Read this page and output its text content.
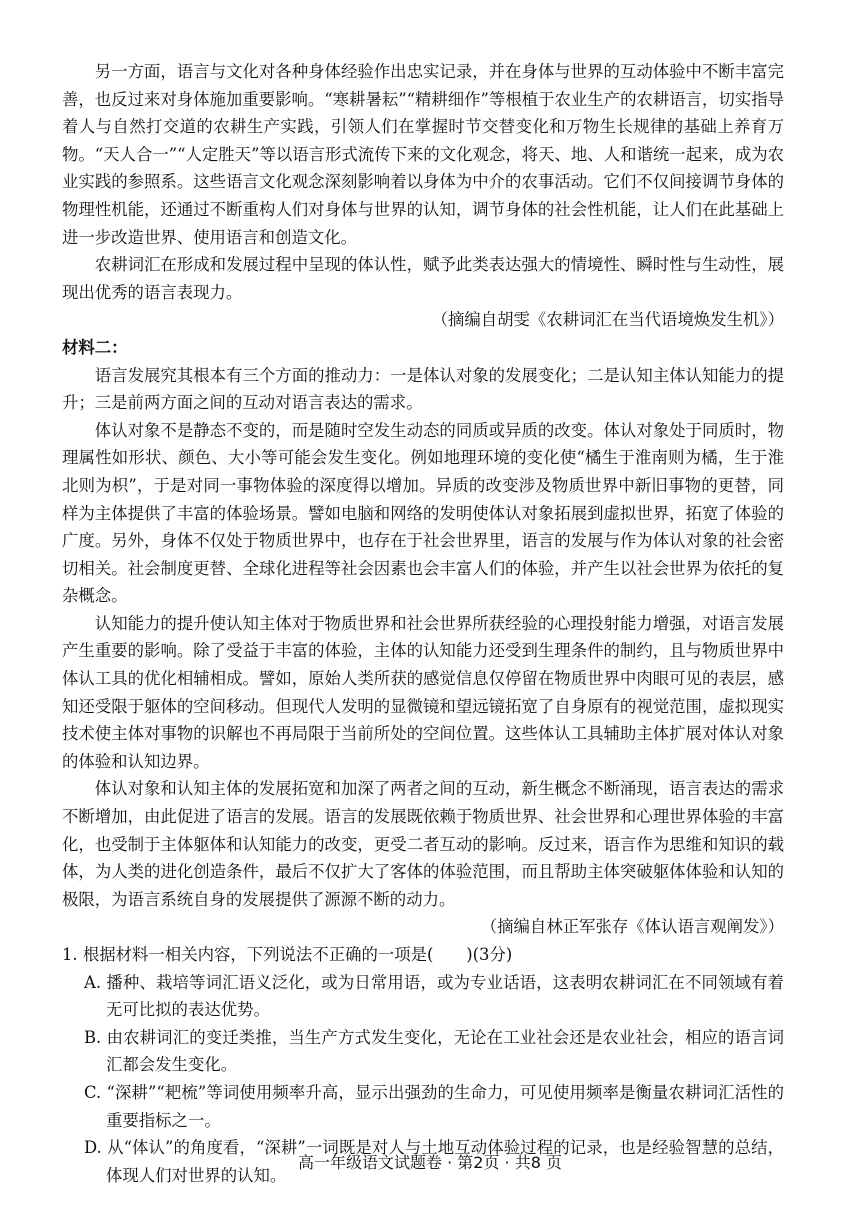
另一方面，语言与文化对各种身体经验作出忠实记录，并在身体与世界的互动体验中不断丰富完善，也反过来对身体施加重要影响。“寒耕暑耘”“精耕细作”等根植于农业生产的农耕语言，切实指导着人与自然打交道的农耕生产实践，引领人们在掌握时节交替变化和万物生长规律的基础上养育万物。“天人合一”“人定胜天”等以语言形式流传下来的文化观念，将天、地、人和谐统一起来，成为农业实践的参照系。这些语言文化观念深刻影响着以身体为中介的农事活动。它们不仅间接调节身体的物理性机能，还通过不断重构人们对身体与世界的认知，调节身体的社会性机能，让人们在此基础上进一步改造世界、使用语言和创造文化。

农耕词汇在形成和发展过程中呈现的体认性，赋予此类表达强大的情境性、瞬时性与生动性，展现出优秀的语言表现力。

（摘编自胡雯《农耕词汇在当代语境焕发生机》）

材料二：

语言发展究其根本有三个方面的推动力：一是体认对象的发展变化；二是认知主体认知能力的提升；三是前两方面之间的互动对语言表达的需求。

体认对象不是静态不变的，而是随时空发生动态的同质或异质的改变。体认对象处于同质时，物理属性如形状、颜色、大小等可能会发生变化。例如地理环境的变化使“橘生于淮南则为橘，生于淮北则为枳”，于是对同一事物体验的深度得以增加。异质的改变涉及物质世界中新旧事物的更替，同样为主体提供了丰富的体验场景。譬如电脑和网络的发明使体认对象拓展到虚拟世界，拓宽了体验的广度。另外，身体不仅处于物质世界中，也存在于社会世界里，语言的发展与作为体认对象的社会密切相关。社会制度更替、全球化进程等社会因素也会丰富人们的体验，并产生以社会世界为依托的复杂概念。

认知能力的提升使认知主体对于物质世界和社会世界所获经验的心理投射能力增强，对语言发展产生重要的影响。除了受益于丰富的体验，主体的认知能力还受到生理条件的制约，且与物质世界中体认工具的优化相辅相成。譬如，原始人类所获的感觉信息仅停留在物质世界中肉眼可见的表层，感知还受限于躯体的空间移动。但现代人发明的显微镜和望远镜拓宽了自身原有的视觉范围，虚拟现实技术使主体对事物的识解也不再局限于当前所处的空间位置。这些体认工具辅助主体扩展对体认对象的体验和认知边界。

体认对象和认知主体的发展拓宽和加深了两者之间的互动，新生概念不断涌现，语言表达的需求不断增加，由此促进了语言的发展。语言的发展既依赖于物质世界、社会世界和心理世界体验的丰富化，也受制于主体躯体和认知能力的改变，更受二者互动的影响。反过来，语言作为思维和知识的载体，为人类的进化创造条件，最后不仅扩大了客体的体验范围，而且帮助主体突破躯体体验和认知的极限，为语言系统自身的发展提供了源源不断的动力。

（摘编自林正军张存《体认语言观阐发》）

1. 根据材料一相关内容，下列说法不正确的一项是(　　)(3分)

A. 播种、栽培等词汇语义泛化，或为日常用语，或为专业话语，这表明农耕词汇在不同领域有着无可比拟的表达优势。

B. 由农耕词汇的变迁类推，当生产方式发生变化，无论在工业社会还是农业社会，相应的语言词汇都会发生变化。

C. “深耕”“耙梳”等词使用频率升高，显示出强劲的生命力，可见使用频率是衡量农耕词汇活性的重要指标之一。

D. 从“体认”的角度看，“深耕”一词既是对人与土地互动体验过程的记录，也是经验智慧的总结，体现人们对世界的认知。

高一年级语文试题卷 · 第2页 · 共8 页
